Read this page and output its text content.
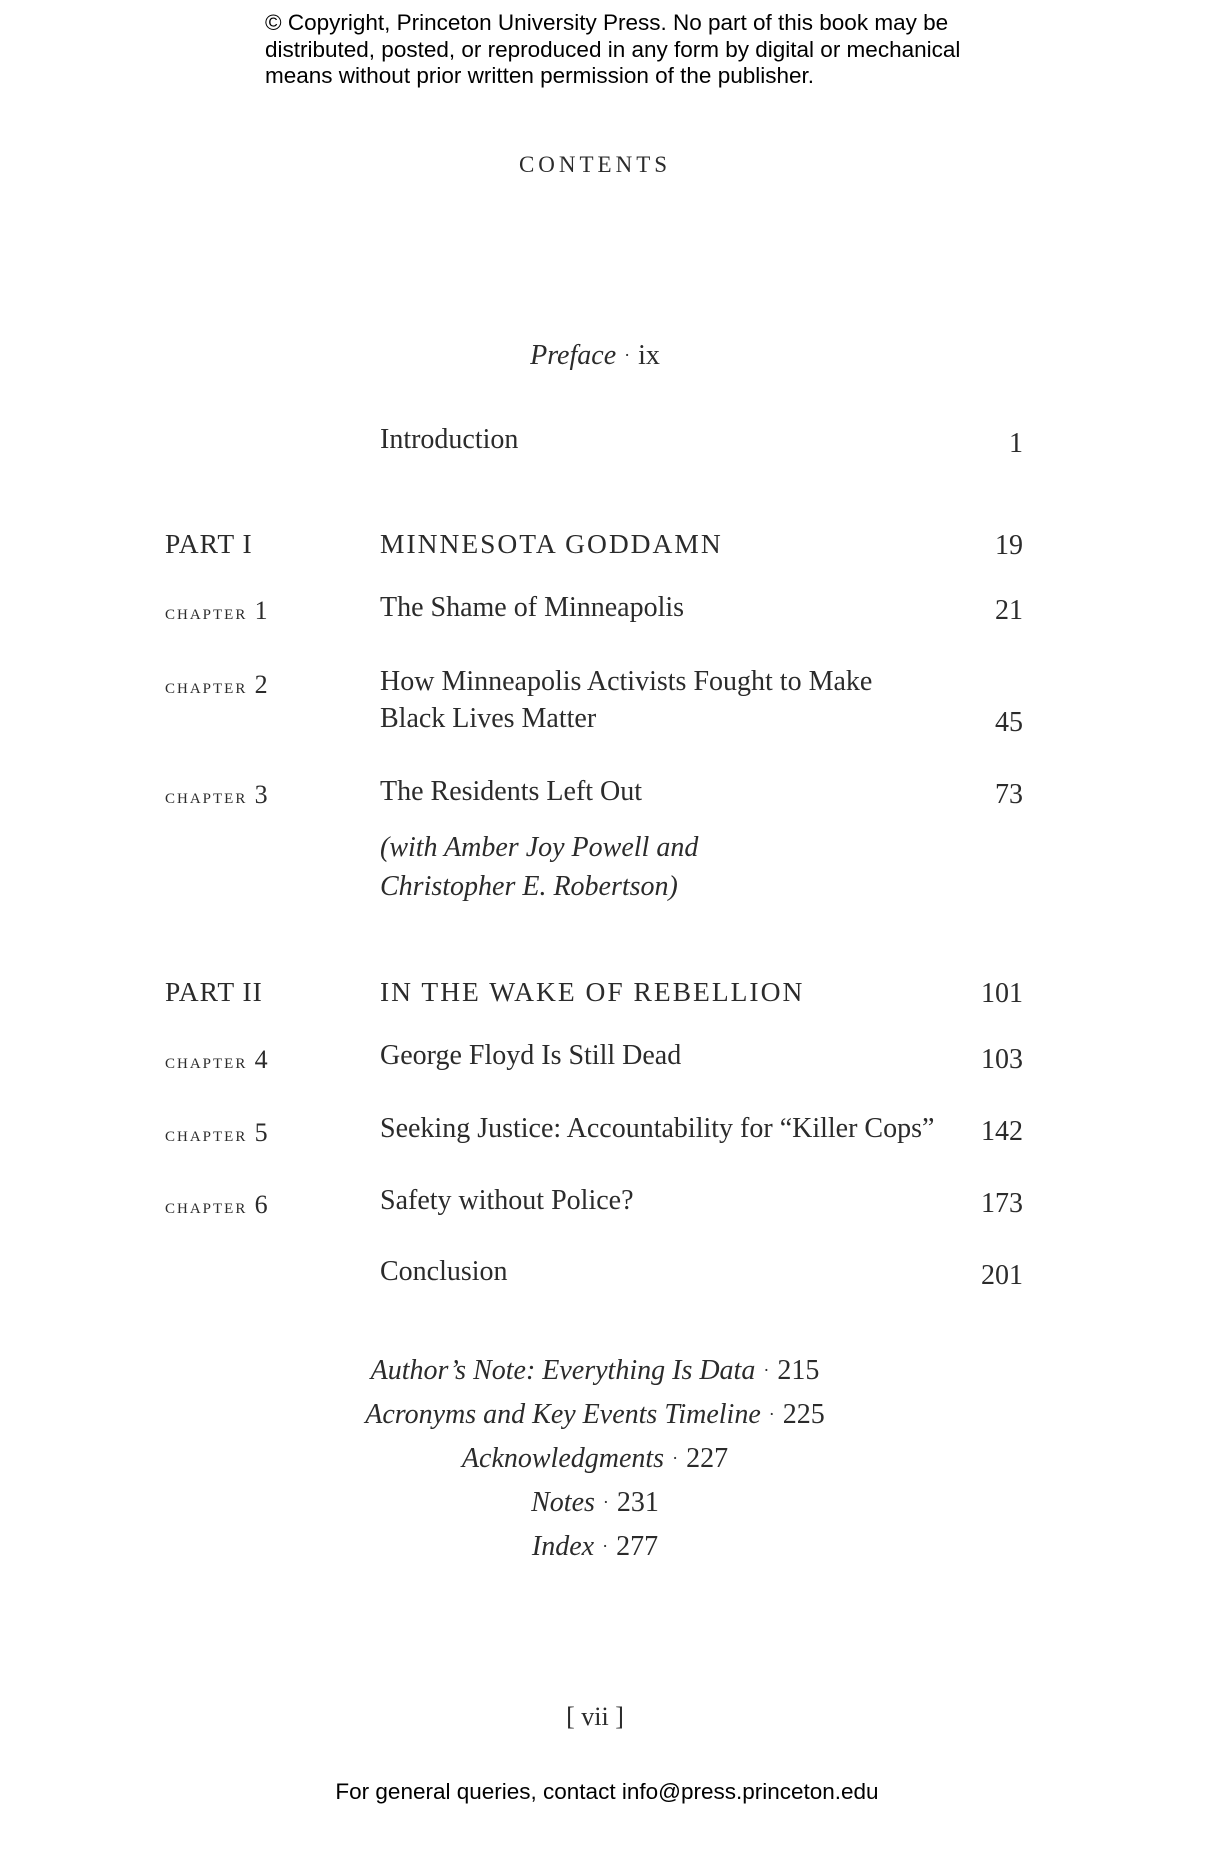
© Copyright, Princeton University Press. No part of this book may be distributed, posted, or reproduced in any form by digital or mechanical means without prior written permission of the publisher.
CONTENTS
Preface · ix
Introduction	1
PART I	MINNESOTA GODDAMN	19
chapter 1	The Shame of Minneapolis	21
chapter 2	How Minneapolis Activists Fought to Make
Black Lives Matter	45
chapter 3	The Residents Left Out	73
(with Amber Joy Powell and
Christopher E. Robertson)
PART II	IN THE WAKE OF REBELLION	101
chapter 4	George Floyd Is Still Dead	103
chapter 5	Seeking Justice: Accountability for “Killer Cops” 142
chapter 6	Safety without Police?	173
Conclusion	201
Author’s Note: Everything Is Data · 215
Acronyms and Key Events Timeline · 225
Acknowledgments · 227
Notes · 231
Index · 277
[ vii ]
For general queries, contact info@press.princeton.edu
